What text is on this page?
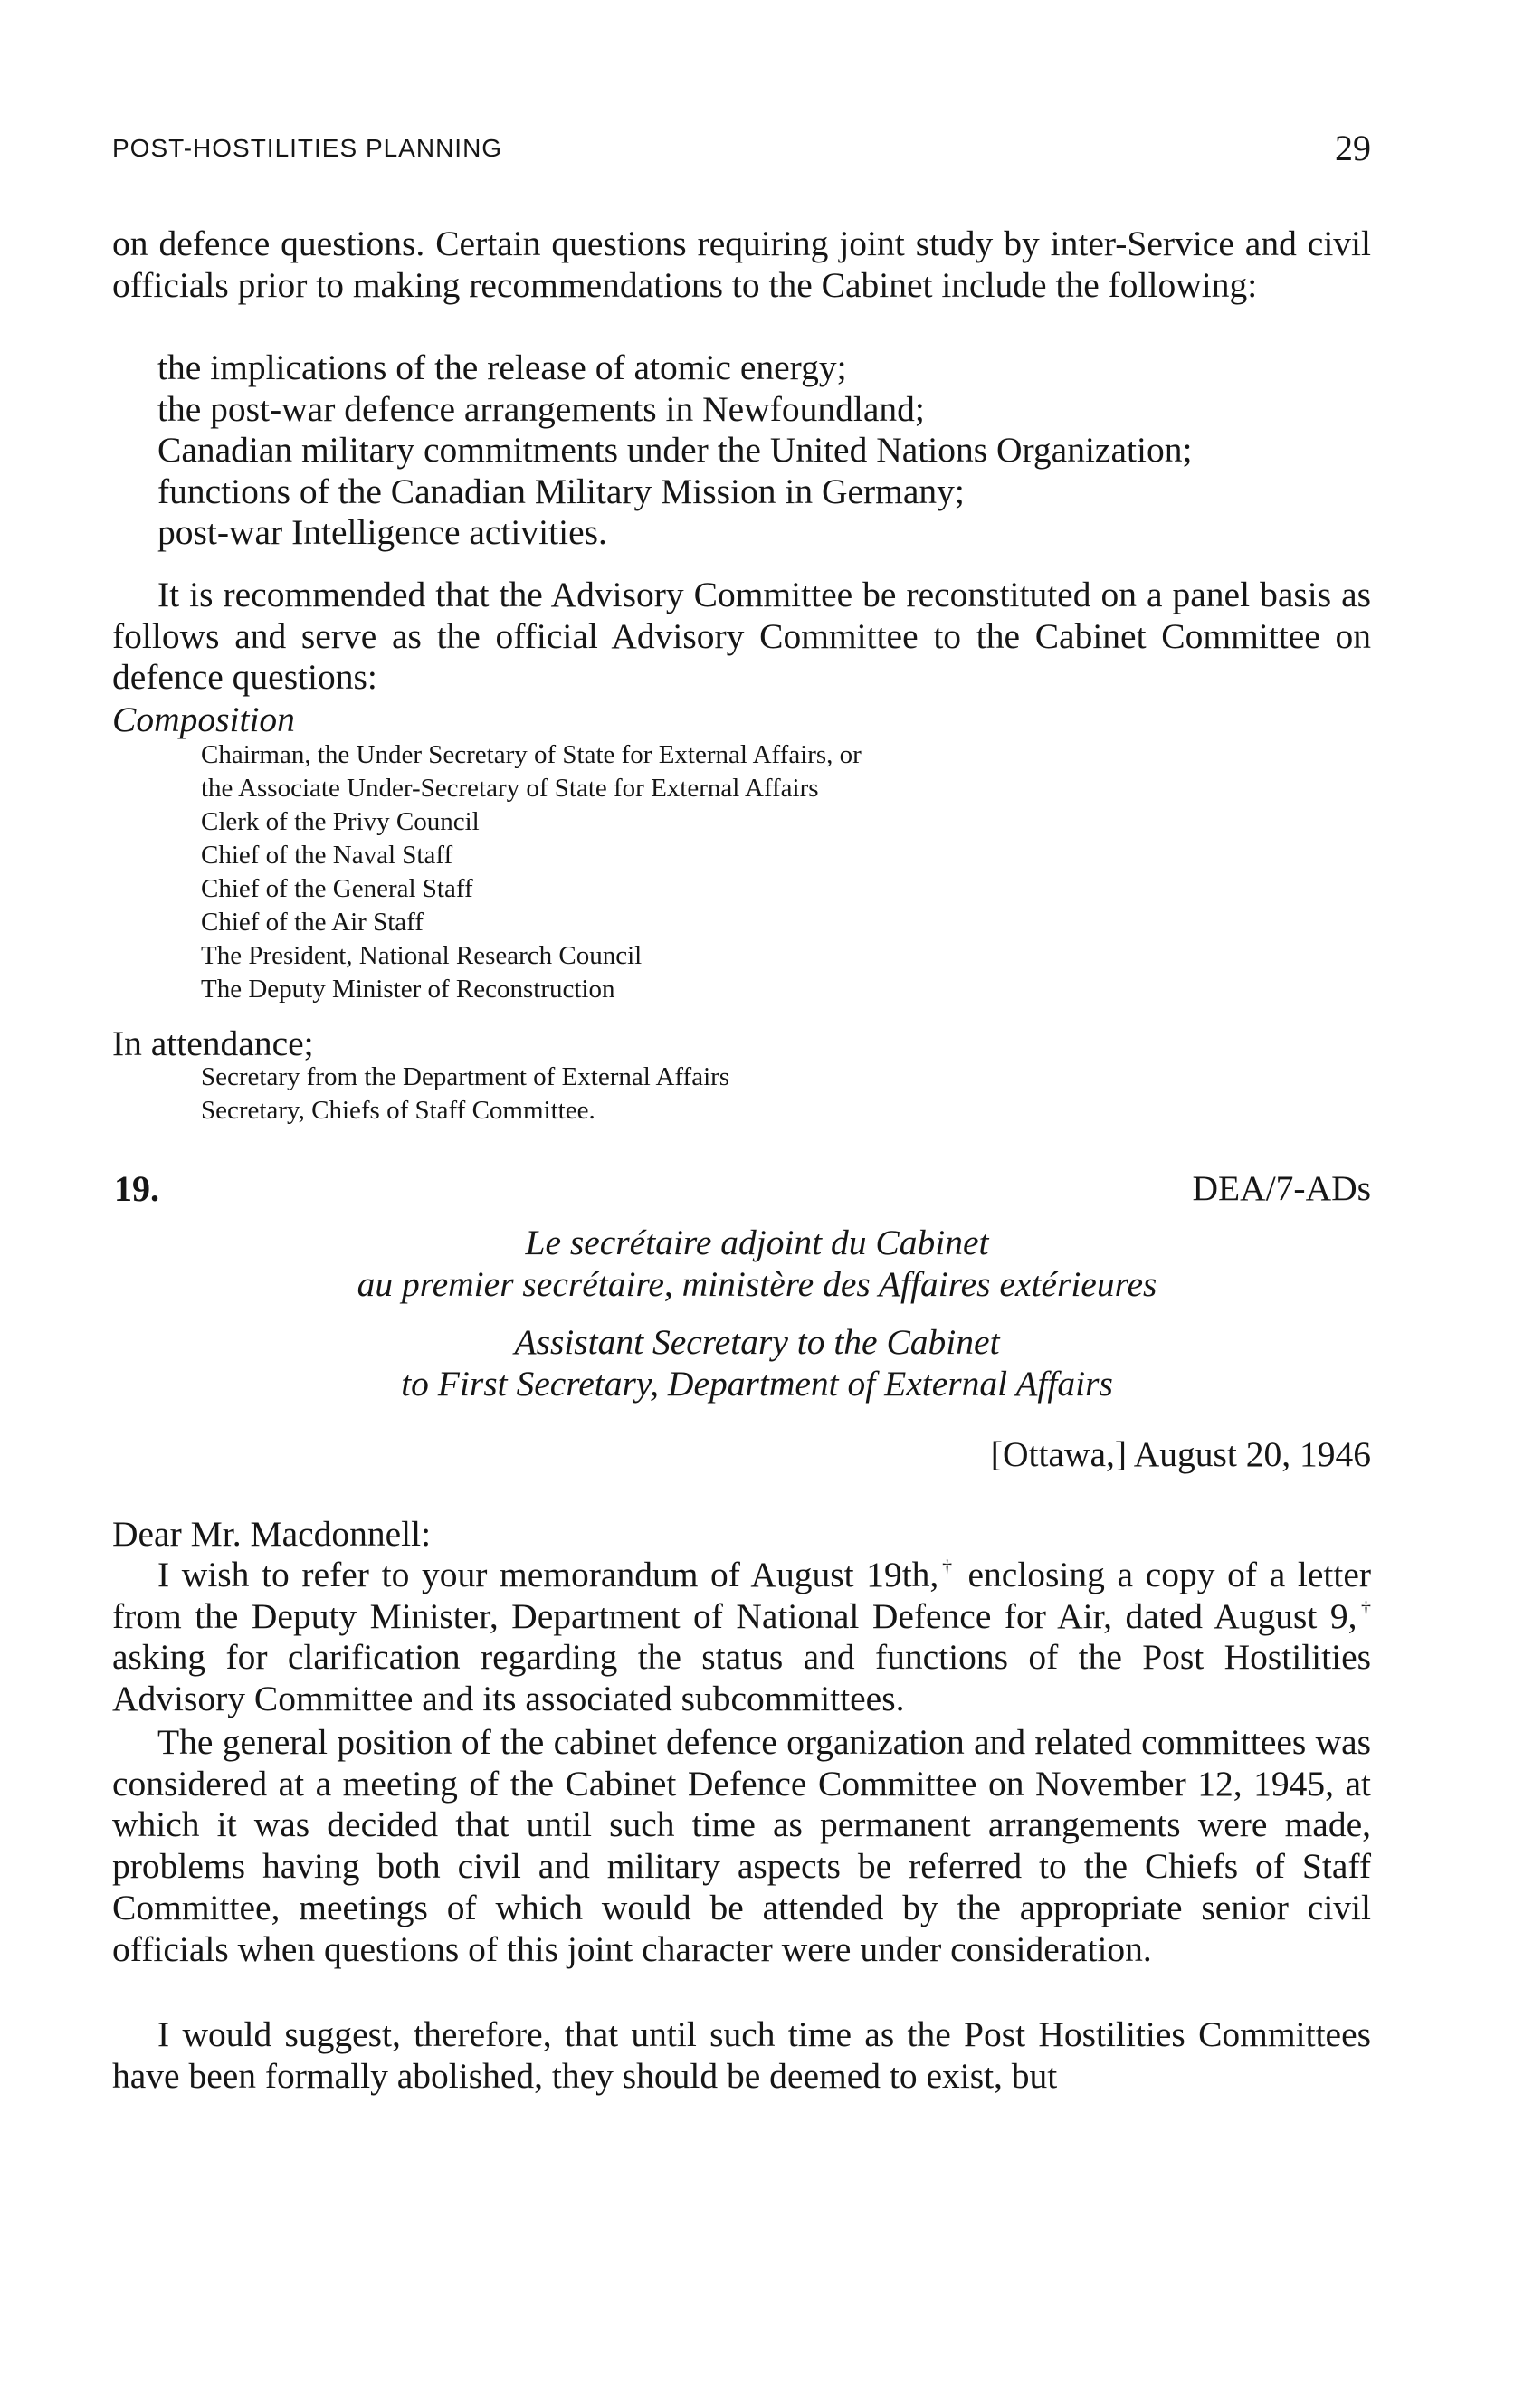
POST-HOSTILITIES PLANNING	29
on defence questions. Certain questions requiring joint study by inter-Service and civil officials prior to making recommendations to the Cabinet include the following:
the implications of the release of atomic energy;
the post-war defence arrangements in Newfoundland;
Canadian military commitments under the United Nations Organization;
functions of the Canadian Military Mission in Germany;
post-war Intelligence activities.
It is recommended that the Advisory Committee be reconstituted on a panel basis as follows and serve as the official Advisory Committee to the Cabinet Committee on defence questions:
Composition
Chairman, the Under Secretary of State for External Affairs, or
the Associate Under-Secretary of State for External Affairs
Clerk of the Privy Council
Chief of the Naval Staff
Chief of the General Staff
Chief of the Air Staff
The President, National Research Council
The Deputy Minister of Reconstruction
In attendance;
Secretary from the Department of External Affairs
Secretary, Chiefs of Staff Committee.
19.	DEA/7-ADs
Le secrétaire adjoint du Cabinet
au premier secrétaire, ministère des Affaires extérieures
Assistant Secretary to the Cabinet
to First Secretary, Department of External Affairs
[Ottawa,] August 20, 1946
Dear Mr. Macdonnell:
I wish to refer to your memorandum of August 19th,† enclosing a copy of a letter from the Deputy Minister, Department of National Defence for Air, dated August 9,† asking for clarification regarding the status and functions of the Post Hostilities Advisory Committee and its associated subcommittees.
The general position of the cabinet defence organization and related committees was considered at a meeting of the Cabinet Defence Committee on November 12, 1945, at which it was decided that until such time as permanent arrangements were made, problems having both civil and military aspects be referred to the Chiefs of Staff Committee, meetings of which would be attended by the appropriate senior civil officials when questions of this joint character were under consideration.
I would suggest, therefore, that until such time as the Post Hostilities Committees have been formally abolished, they should be deemed to exist, but
